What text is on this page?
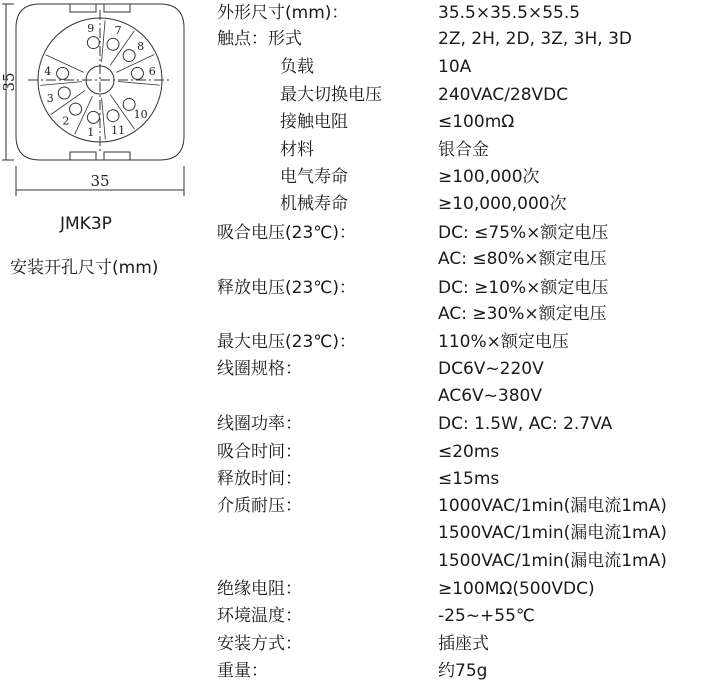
9 7
8
6
4
3
2
1 11
10
35
35
JMK3P
安装开孔尺寸(mm)
外形尺寸(mm)：	35.5×35.5×55.5
触点：形式	2Z, 2H, 2D, 3Z, 3H, 3D
负载	10A
最大切换电压	240VAC/28VDC
接触电阻	≤100mΩ
材料	银合金
电气寿命	≥100,000次
机械寿命	≥10,000,000次
吸合电压(23℃)：	DC: ≤75%×额定电压
AC: ≤80%×额定电压
释放电压(23℃)：	DC: ≥10%×额定电压
AC: ≥30%×额定电压
最大电压(23℃)：	110%×额定电压
线圈规格：	DC6V~220V
AC6V~380V
线圈功率：	DC: 1.5W, AC: 2.7VA
吸合时间：	≤20ms
释放时间：	≤15ms
介质耐压：	1000VAC/1min(漏电流1mA)
1500VAC/1min(漏电流1mA)
1500VAC/1min(漏电流1mA)
绝缘电阻：	≥100MΩ(500VDC)
环境温度：	-25~+55℃
安装方式：	插座式
重量：	约75g
